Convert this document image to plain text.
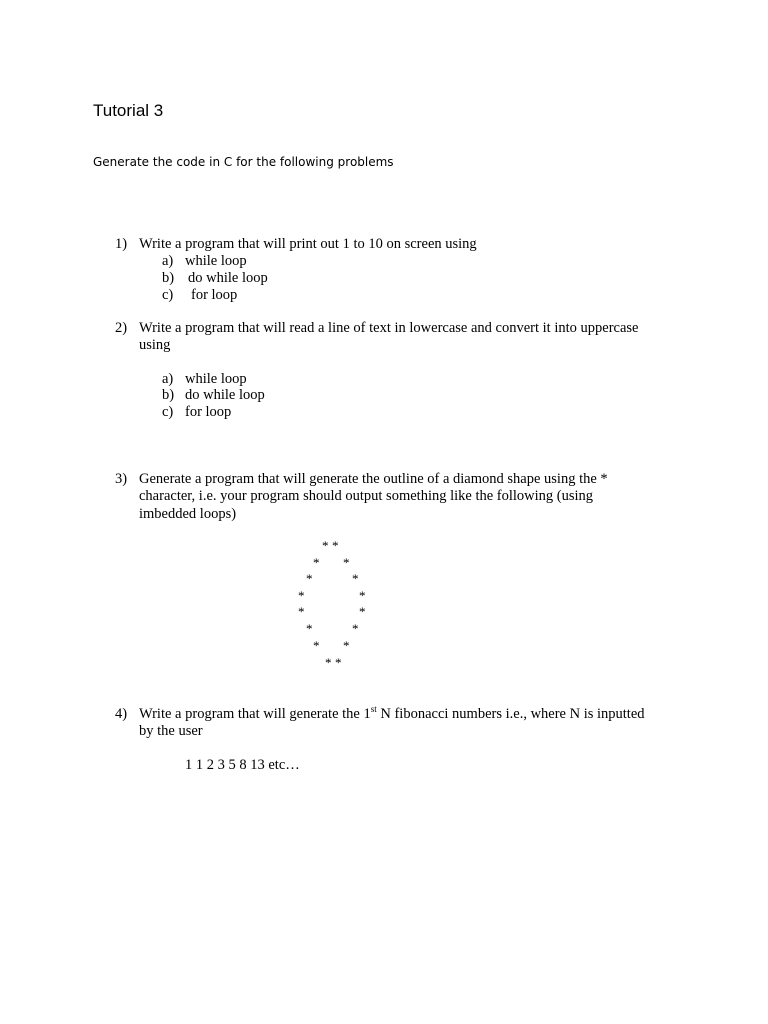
Tutorial 3

Generate the code in C for the following problems

1) Write a program that will print out 1 to 10 on screen using
a) while loop
b) do while loop
c) for loop
2) Write a program that will read a line of text in lowercase and convert it into uppercase
using
a) while loop
b) do while loop
c) for loop
3) Generate a program that will generate the outline of a diamond shape using the *
character, i.e. your program should output something like the following (using
imbedded loops)
* *
* *
*	*
*	*
*	*
*	*
* *
* *
4) Write a program that will generate the 1st N fibonacci numbers i.e., where N is inputted
by the user
1 1 2 3 5 8 13 etc…
